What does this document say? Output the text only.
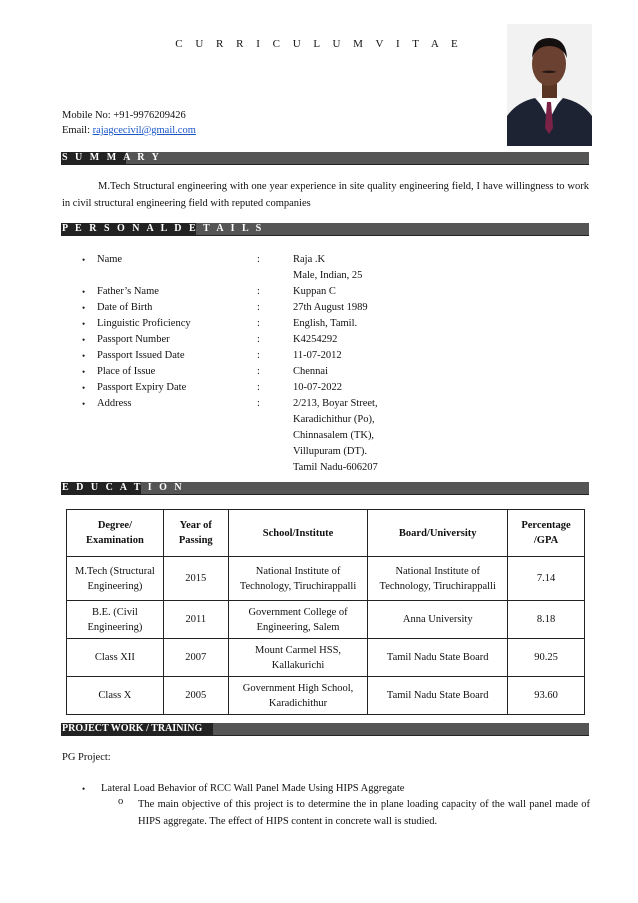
C U R R I C U L U M V I T A E
Mobile No: +91-9976209426
Email: rajagcecivil@gmail.com
S U M M A R Y
M.Tech Structural engineering with one year experience in site quality engineering field, I have willingness to work in civil structural engineering field with reputed companies
P E R S O N A L D E T A I L S
• Name	:	Raja .K
Male, Indian, 25
• Father’s Name	:	Kuppan C
• Date of Birth	:	27th August 1989
• Linguistic Proficiency	:	English, Tamil.
• Passport Number	:	K4254292
• Passport Issued Date	:	11-07-2012
• Place of Issue	:	Chennai
• Passport Expiry Date	:	10-07-2022
• Address	:	2/213, Boyar Street,
Karadichithur (Po),
Chinnasalem (TK),
Villupuram (DT).
Tamil Nadu-606207
E D U C A T I O N
Degree/ Examination	Year of Passing	School/Institute	Board/University	Percentage /GPA
M.Tech (Structural Engineering)	2015	National Institute of Technology, Tiruchirappalli	National Institute of Technology, Tiruchirappalli	7.14
B.E. (Civil Engineering)	2011	Government College of Engineering, Salem	Anna University	8.18
Class XII	2007	Mount Carmel HSS, Kallakurichi	Tamil Nadu State Board	90.25
Class X	2005	Government High School, Karadichithur	Tamil Nadu State Board	93.60
PROJECT WORK / TRAINING
PG Project:
• Lateral Load Behavior of RCC Wall Panel Made Using HIPS Aggregate
o The main objective of this project is to determine the in plane loading capacity of the wall panel made of HIPS aggregate. The effect of HIPS content in concrete wall is studied.
